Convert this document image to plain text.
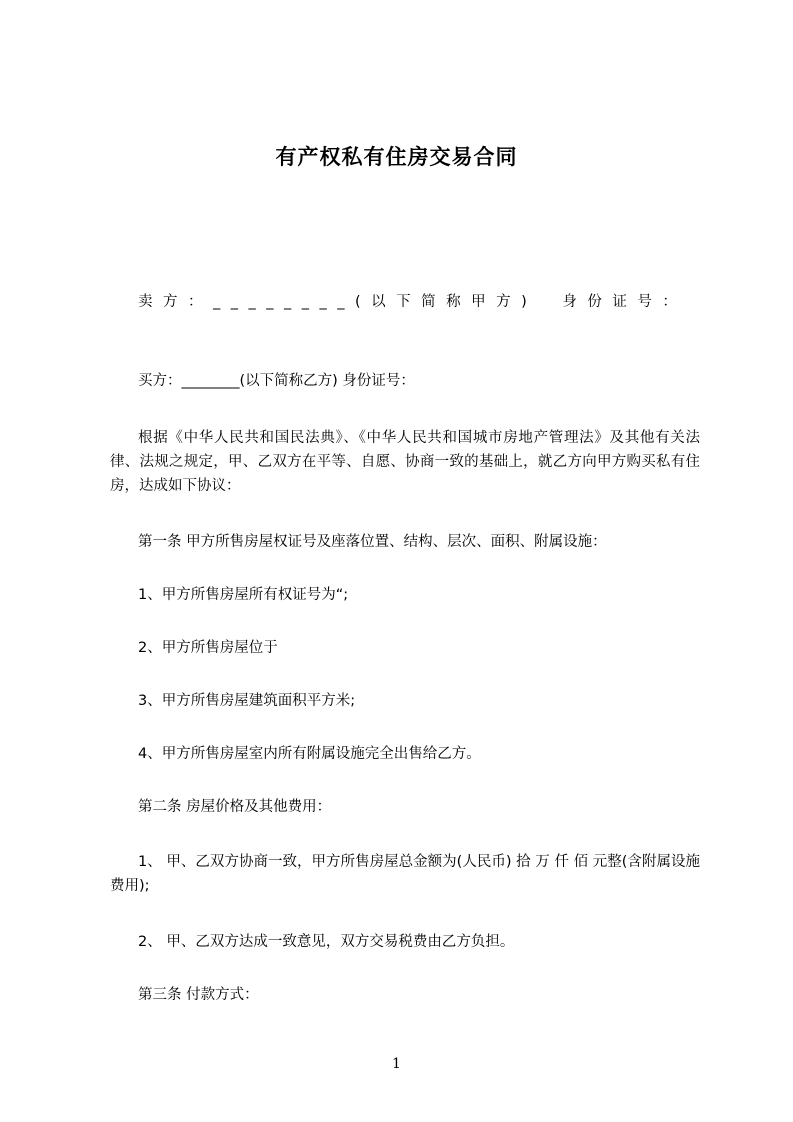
有产权私有住房交易合同
卖方：________(以下简称甲方)　身份证号：
买方：________(以下简称乙方) 身份证号：
根据《中华人民共和国民法典》、《中华人民共和国城市房地产管理法》及其他有关法律、法规之规定，甲、乙双方在平等、自愿、协商一致的基础上，就乙方向甲方购买私有住房，达成如下协议：
第一条 甲方所售房屋权证号及座落位置、结构、层次、面积、附属设施：
1、甲方所售房屋所有权证号为“;
2、甲方所售房屋位于
3、甲方所售房屋建筑面积平方米;
4、甲方所售房屋室内所有附属设施完全出售给乙方。
第二条 房屋价格及其他费用：
1、 甲、乙双方协商一致，甲方所售房屋总金额为(人民币) 拾 万 仟 佰 元整(含附属设施费用);
2、 甲、乙双方达成一致意见，双方交易税费由乙方负担。
第三条 付款方式：
1
